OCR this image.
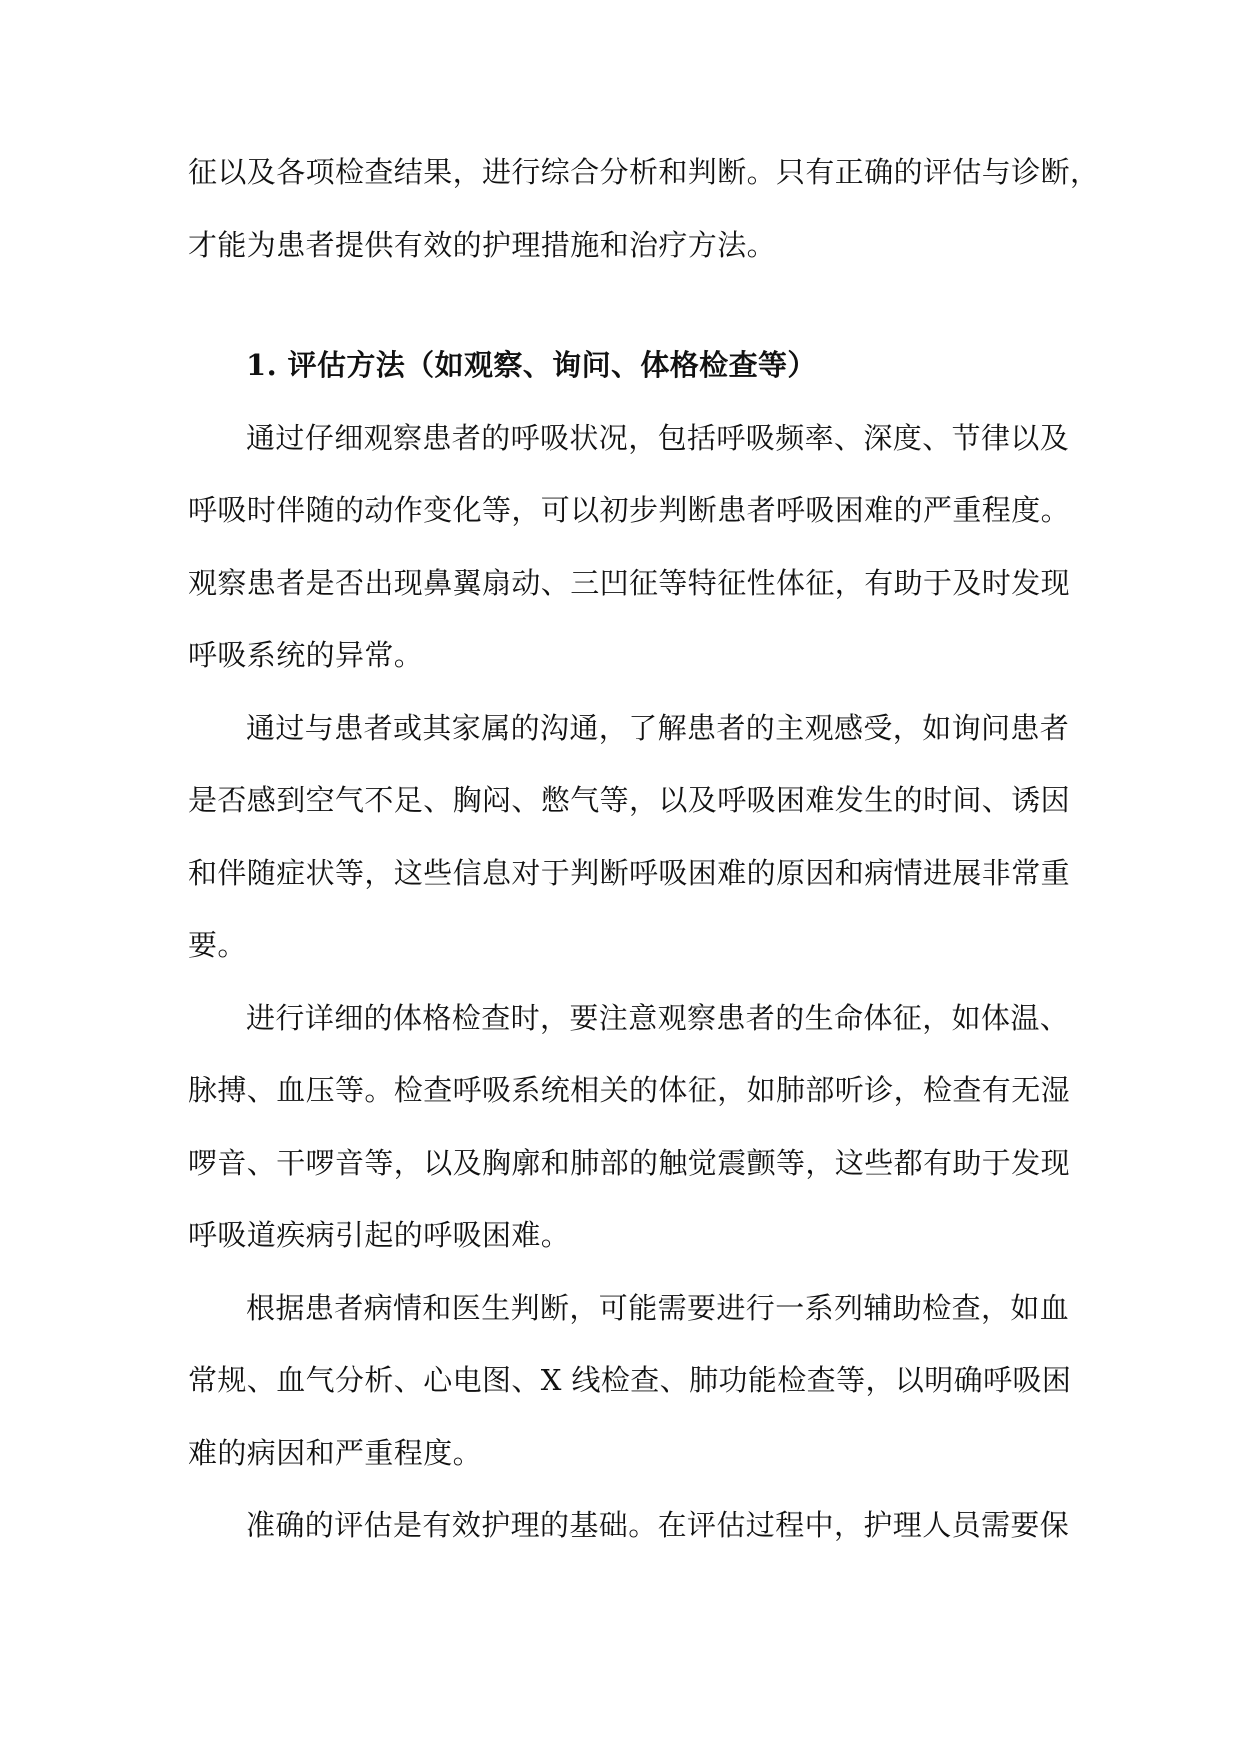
征以及各项检查结果，进行综合分析和判断。只有正确的评估与诊断，
才能为患者提供有效的护理措施和治疗方法。
1. 评估方法（如观察、询问、体格检查等）
通过仔细观察患者的呼吸状况，包括呼吸频率、深度、节律以及
呼吸时伴随的动作变化等，可以初步判断患者呼吸困难的严重程度。
观察患者是否出现鼻翼扇动、三凹征等特征性体征，有助于及时发现
呼吸系统的异常。
通过与患者或其家属的沟通，了解患者的主观感受，如询问患者
是否感到空气不足、胸闷、憋气等，以及呼吸困难发生的时间、诱因
和伴随症状等，这些信息对于判断呼吸困难的原因和病情进展非常重
要。
进行详细的体格检查时，要注意观察患者的生命体征，如体温、
脉搏、血压等。检查呼吸系统相关的体征，如肺部听诊，检查有无湿
啰音、干啰音等，以及胸廓和肺部的触觉震颤等，这些都有助于发现
呼吸道疾病引起的呼吸困难。
根据患者病情和医生判断，可能需要进行一系列辅助检查，如血
常规、血气分析、心电图、X 线检查、肺功能检查等，以明确呼吸困
难的病因和严重程度。
准确的评估是有效护理的基础。在评估过程中，护理人员需要保
